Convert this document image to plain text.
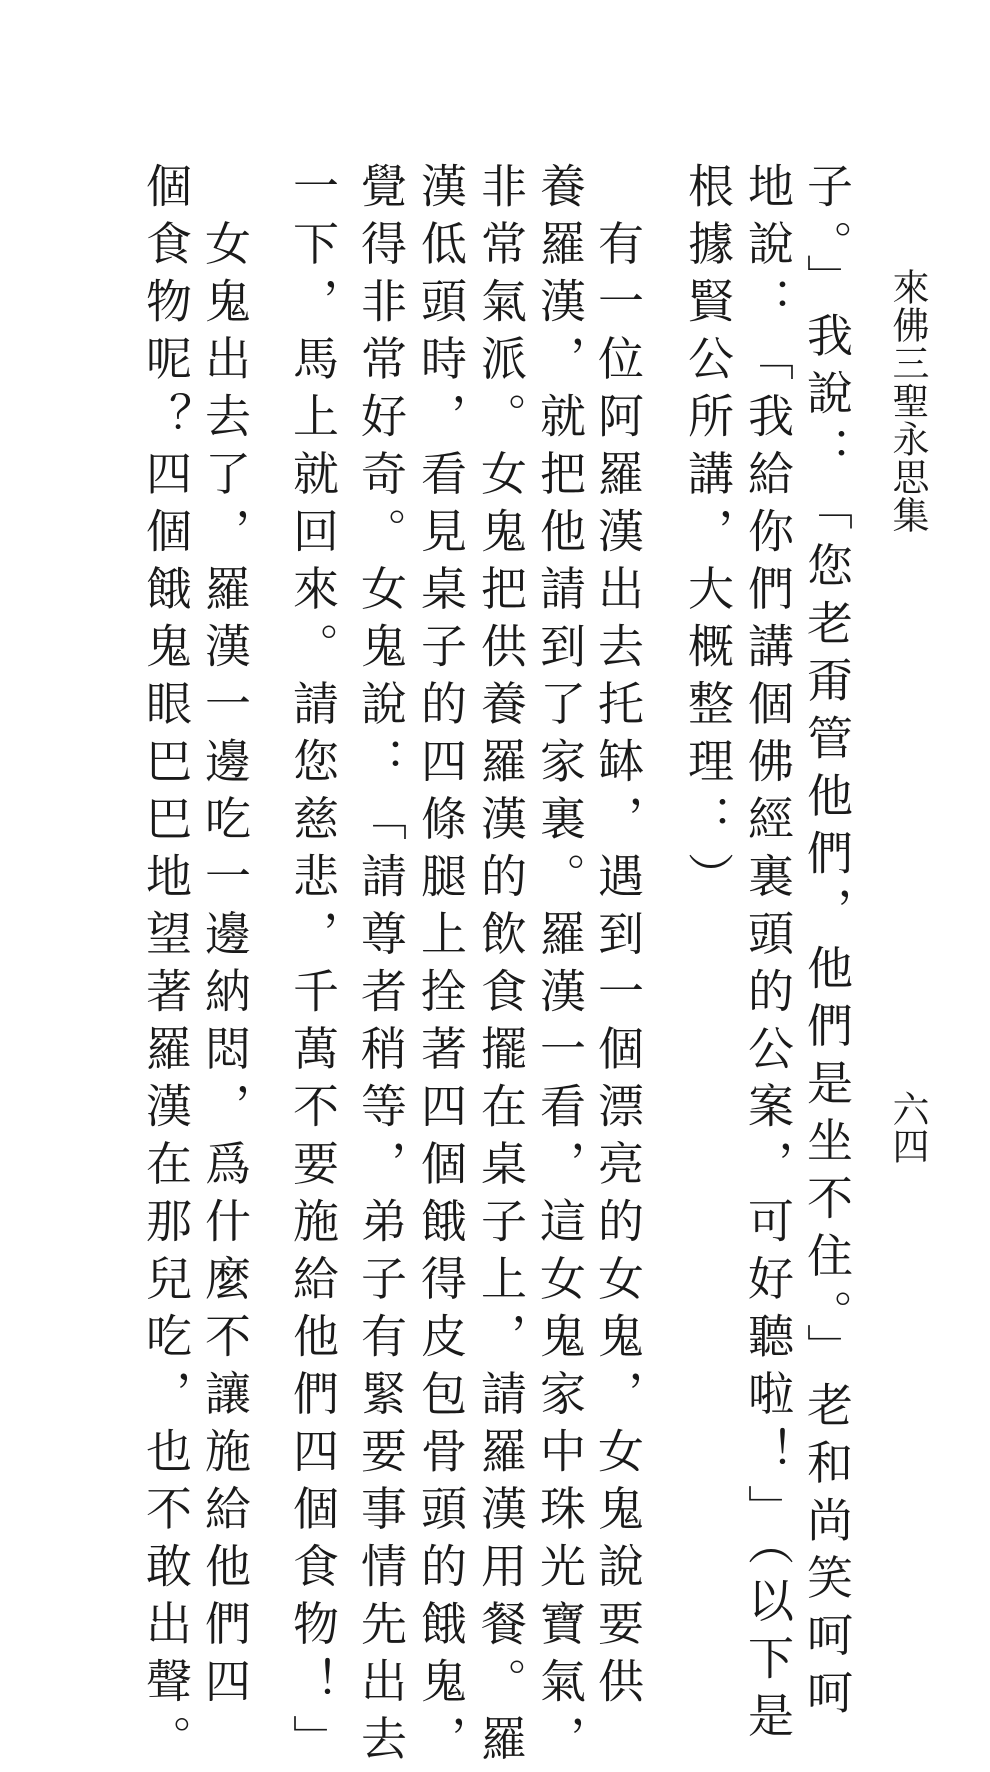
來佛三聖永思集
六四
子。」我說：「您老甭管他們，他們是坐不住。」老和尚笑呵呵
地說：「我給你們講個佛經裏頭的公案，可好聽啦！」（以下是
根據賢公所講，大概整理：）
　有一位阿羅漢出去托缽，遇到一個漂亮的女鬼，女鬼說要供
養羅漢，就把他請到了家裏。羅漢一看，這女鬼家中珠光寶氣，
非常氣派。女鬼把供養羅漢的飲食擺在桌子上，請羅漢用餐。羅
漢低頭時，看見桌子的四條腿上拴著四個餓得皮包骨頭的餓鬼，
覺得非常好奇。女鬼說：「請尊者稍等，弟子有緊要事情先出去
一下，馬上就回來。請您慈悲，千萬不要施給他們四個食物！」
　女鬼出去了，羅漢一邊吃一邊納悶，爲什麼不讓施給他們四
個食物呢？四個餓鬼眼巴巴地望著羅漢在那兒吃，也不敢出聲。
